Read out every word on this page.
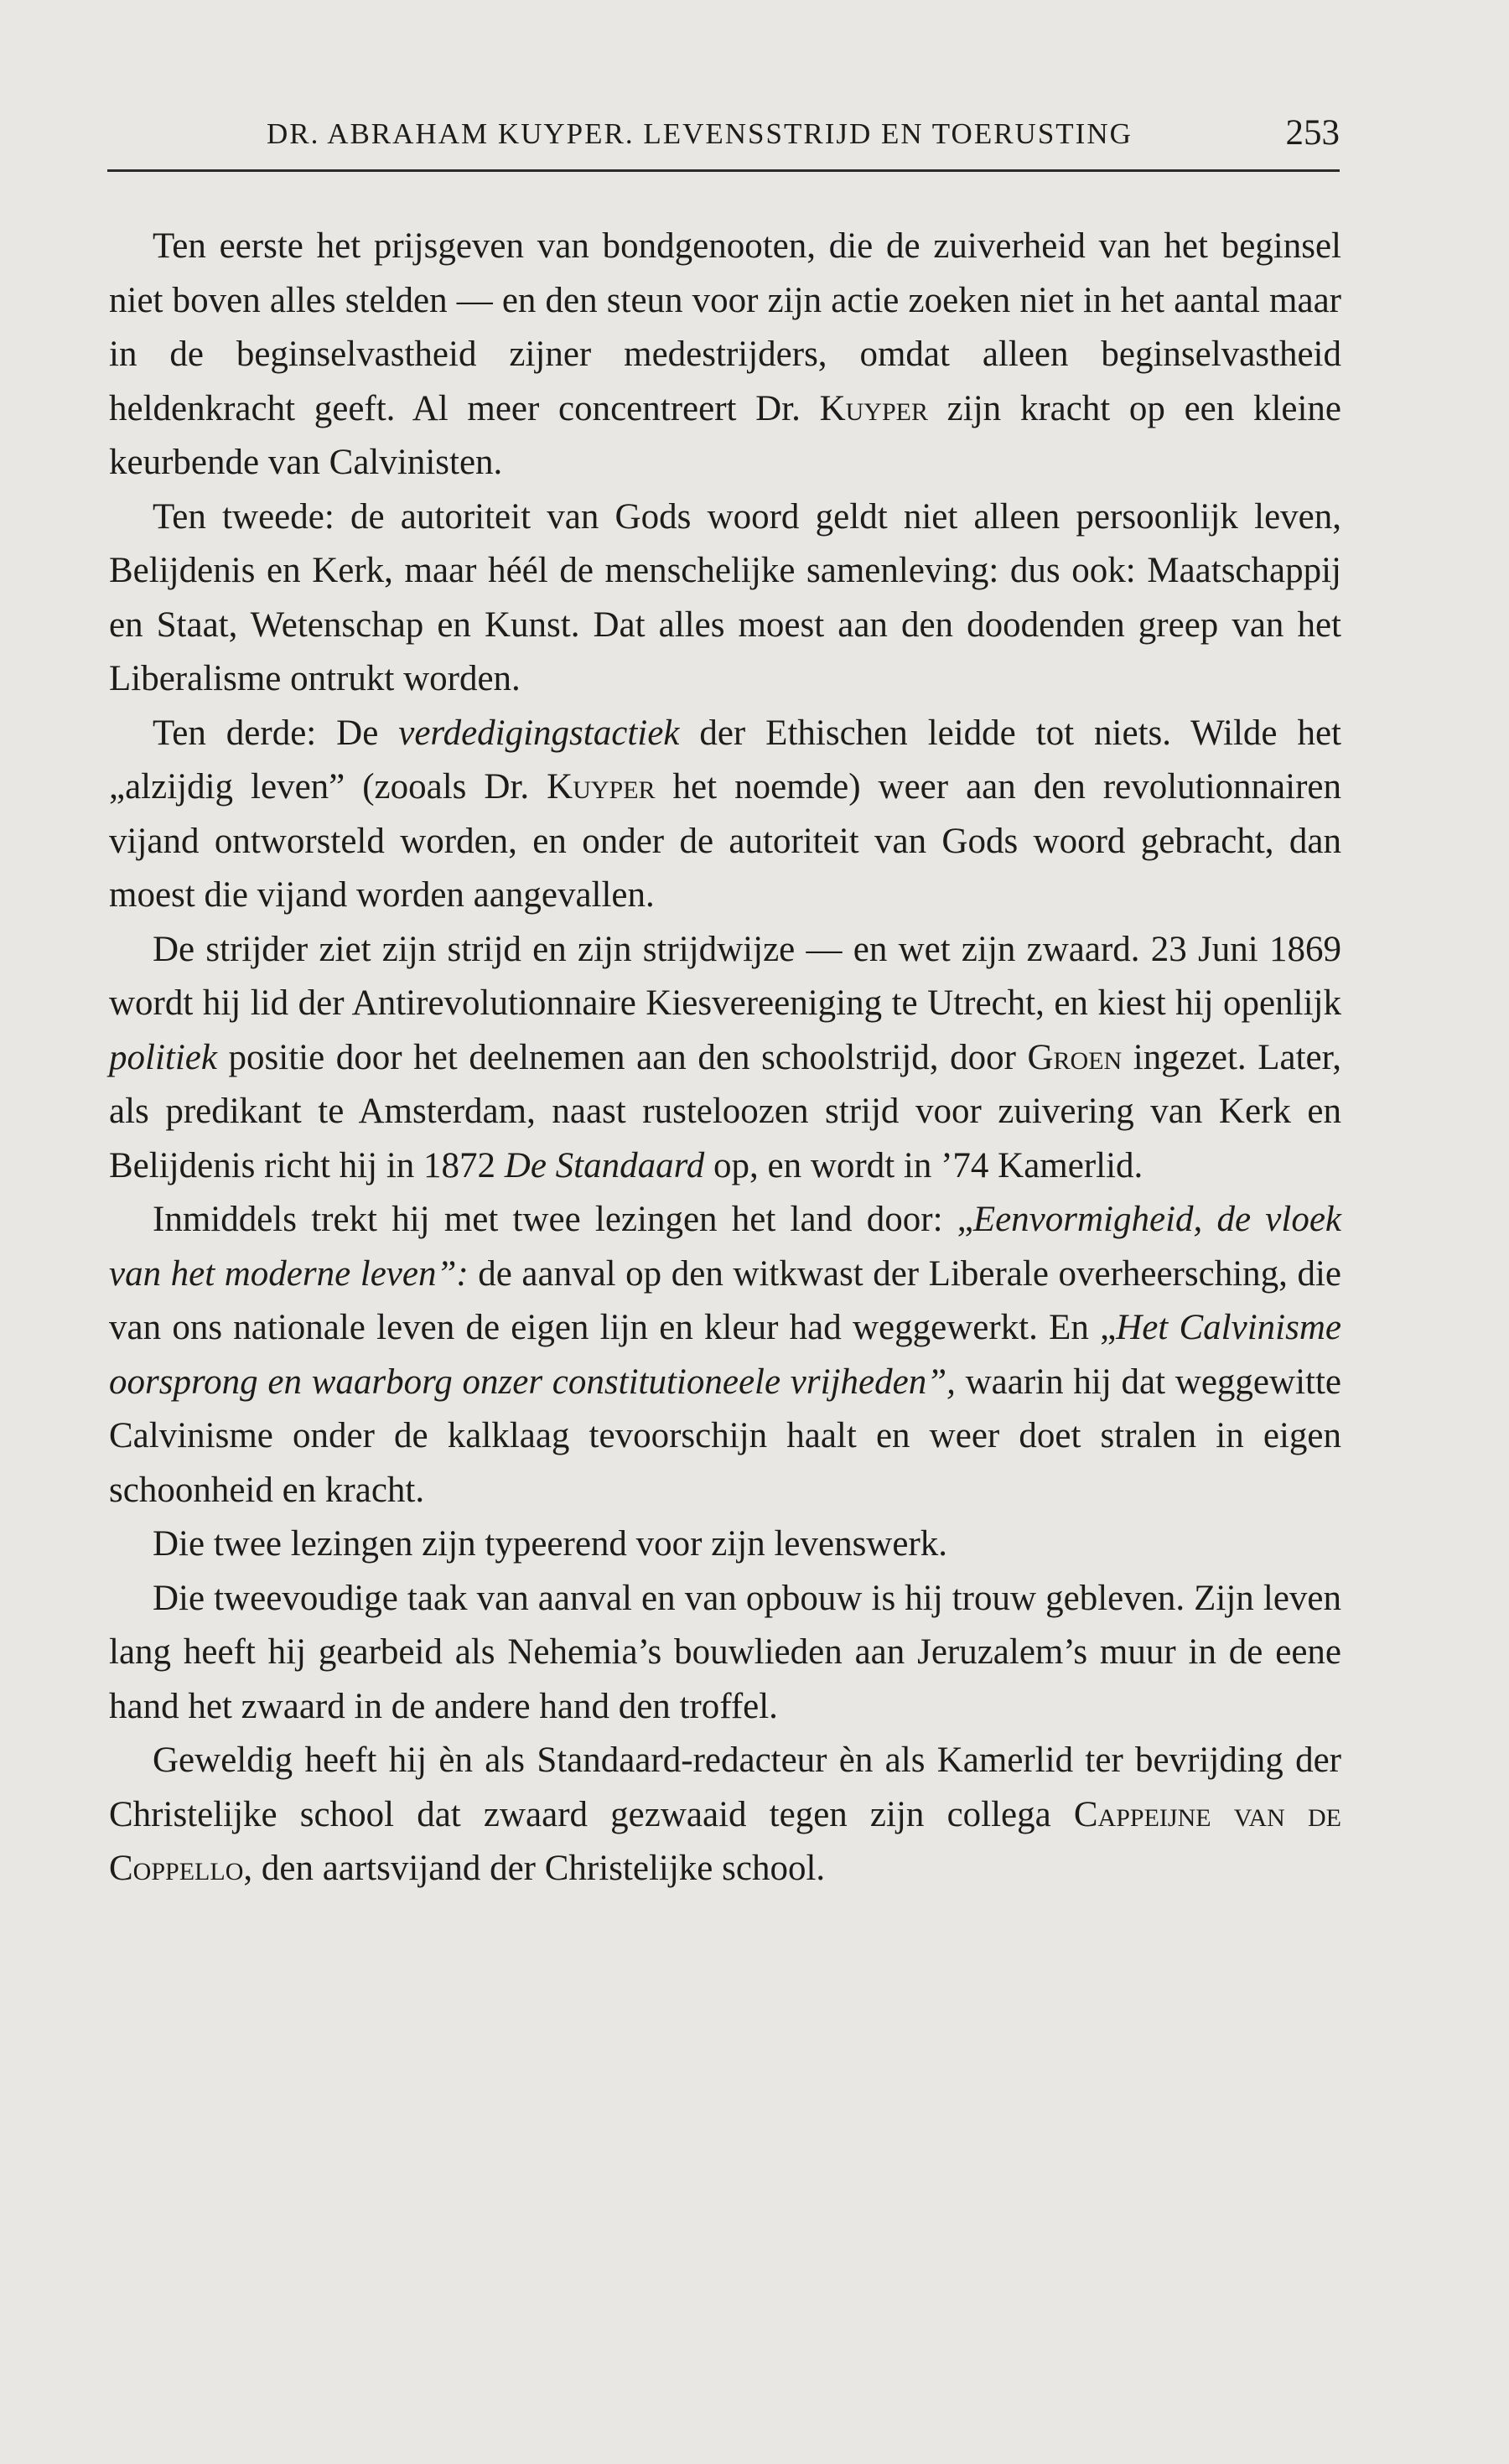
DR. ABRAHAM KUYPER. LEVENSSTRIJD EN TOERUSTING	253

Ten eerste het prijsgeven van bondgenooten, die de zuiverheid van het beginsel niet boven alles stelden — en den steun voor zijn actie zoeken niet in het aantal maar in de beginselvastheid zijner medestrijders, omdat alleen beginselvastheid heldenkracht geeft. Al meer concentreert Dr. Kuyper zijn kracht op een kleine keurbende van Calvinisten.

Ten tweede: de autoriteit van Gods woord geldt niet alleen persoonlijk leven, Belijdenis en Kerk, maar héél de menschelijke samenleving: dus ook: Maatschappij en Staat, Wetenschap en Kunst. Dat alles moest aan den doodenden greep van het Liberalisme ontrukt worden.

Ten derde: De verdedigingstactiek der Ethischen leidde tot niets. Wilde het „alzijdig leven” (zooals Dr. Kuyper het noemde) weer aan den revolutionnairen vijand ontworsteld worden, en onder de autoriteit van Gods woord gebracht, dan moest die vijand worden aangevallen.

De strijder ziet zijn strijd en zijn strijdwijze — en wet zijn zwaard. 23 Juni 1869 wordt hij lid der Antirevolutionnaire Kiesvereeniging te Utrecht, en kiest hij openlijk politiek positie door het deelnemen aan den schoolstrijd, door Groen ingezet. Later, als predikant te Amsterdam, naast rusteloozen strijd voor zuivering van Kerk en Belijdenis richt hij in 1872 De Standaard op, en wordt in ’74 Kamerlid.

Inmiddels trekt hij met twee lezingen het land door: „Eenvormigheid, de vloek van het moderne leven”: de aanval op den witkwast der Liberale overheersching, die van ons nationale leven de eigen lijn en kleur had weggewerkt. En „Het Calvinisme oorsprong en waarborg onzer constitutioneele vrijheden”, waarin hij dat weggewitte Calvinisme onder de kalklaag tevoorschijn haalt en weer doet stralen in eigen schoonheid en kracht.

Die twee lezingen zijn typeerend voor zijn levenswerk.

Die tweevoudige taak van aanval en van opbouw is hij trouw gebleven. Zijn leven lang heeft hij gearbeid als Nehemia’s bouwlieden aan Jeruzalem’s muur in de eene hand het zwaard in de andere hand den troffel.

Geweldig heeft hij èn als Standaard-redacteur èn als Kamerlid ter bevrijding der Christelijke school dat zwaard gezwaaid tegen zijn collega Cappeijne van de Coppello, den aartsvijand der Christelijke school.
